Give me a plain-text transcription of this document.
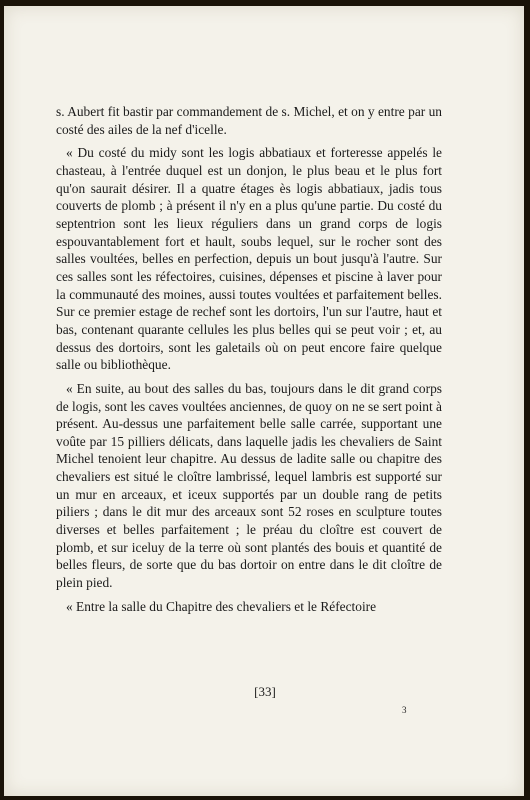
s. Aubert fit bastir par commandement de s. Michel, et on y entre par un costé des ailes de la nef d'icelle.

« Du costé du midy sont les logis abbatiaux et forteresse appelés le chasteau, à l'entrée duquel est un donjon, le plus beau et le plus fort qu'on saurait désirer. Il a quatre étages ès logis abbatiaux, jadis tous couverts de plomb ; à présent il n'y en a plus qu'une partie. Du costé du septentrion sont les lieux réguliers dans un grand corps de logis espouvantablement fort et hault, soubs lequel, sur le rocher sont des salles voultées, belles en perfection, depuis un bout jusqu'à l'autre. Sur ces salles sont les réfectoires, cuisines, dépenses et piscine à laver pour la communauté des moines, aussi toutes voultées et parfaitement belles. Sur ce premier estage de rechef sont les dortoirs, l'un sur l'autre, haut et bas, contenant quarante cellules les plus belles qui se peut voir ; et, au dessus des dortoirs, sont les galetails où on peut encore faire quelque salle ou bibliothèque.

« En suite, au bout des salles du bas, toujours dans le dit grand corps de logis, sont les caves voultées anciennes, de quoy on ne se sert point à présent. Au-dessus une parfaitement belle salle carrée, supportant une voûte par 15 pilliers délicats, dans laquelle jadis les chevaliers de Saint Michel tenoient leur chapitre. Au dessus de ladite salle ou chapitre des chevaliers est situé le cloître lambrissé, lequel lambris est supporté sur un mur en arceaux, et iceux supportés par un double rang de petits piliers ; dans le dit mur des arceaux sont 52 roses en sculpture toutes diverses et belles parfaitement ; le préau du cloître est couvert de plomb, et sur iceluy de la terre où sont plantés des bouis et quantité de belles fleurs, de sorte que du bas dortoir on entre dans le dit cloître de plein pied.

« Entre la salle du Chapitre des chevaliers et le Réfectoire

[33]
3
